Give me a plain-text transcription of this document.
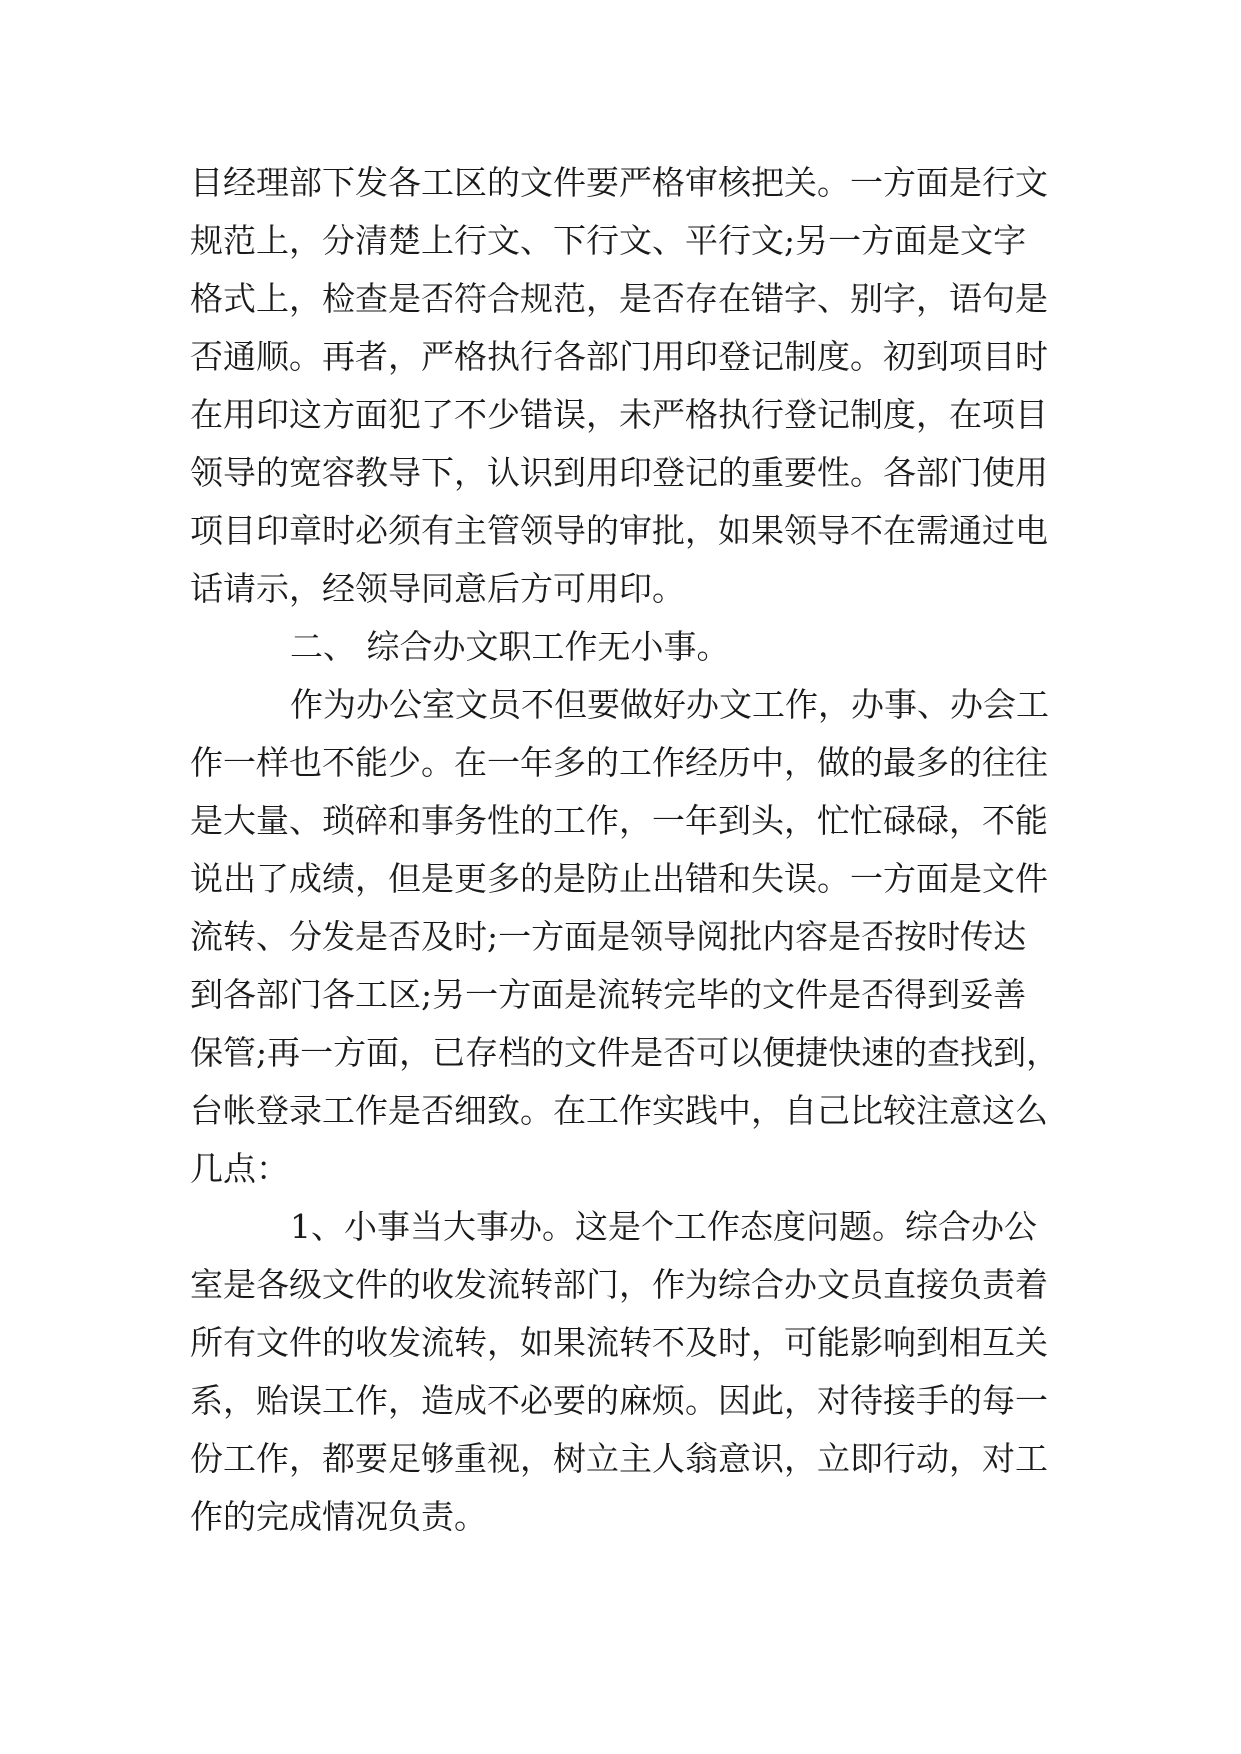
目经理部下发各工区的文件要严格审核把关。一方面是行文
规范上，分清楚上行文、下行文、平行文;另一方面是文字
格式上，检查是否符合规范，是否存在错字、别字，语句是
否通顺。再者，严格执行各部门用印登记制度。初到项目时
在用印这方面犯了不少错误，未严格执行登记制度，在项目
领导的宽容教导下，认识到用印登记的重要性。各部门使用
项目印章时必须有主管领导的审批，如果领导不在需通过电
话请示，经领导同意后方可用印。
二、 综合办文职工作无小事。
作为办公室文员不但要做好办文工作，办事、办会工
作一样也不能少。在一年多的工作经历中，做的最多的往往
是大量、琐碎和事务性的工作，一年到头，忙忙碌碌，不能
说出了成绩，但是更多的是防止出错和失误。一方面是文件
流转、分发是否及时;一方面是领导阅批内容是否按时传达
到各部门各工区;另一方面是流转完毕的文件是否得到妥善
保管;再一方面，已存档的文件是否可以便捷快速的查找到，
台帐登录工作是否细致。在工作实践中，自己比较注意这么
几点：
1、小事当大事办。这是个工作态度问题。综合办公
室是各级文件的收发流转部门，作为综合办文员直接负责着
所有文件的收发流转，如果流转不及时，可能影响到相互关
系，贻误工作，造成不必要的麻烦。因此，对待接手的每一
份工作，都要足够重视，树立主人翁意识，立即行动，对工
作的完成情况负责。
